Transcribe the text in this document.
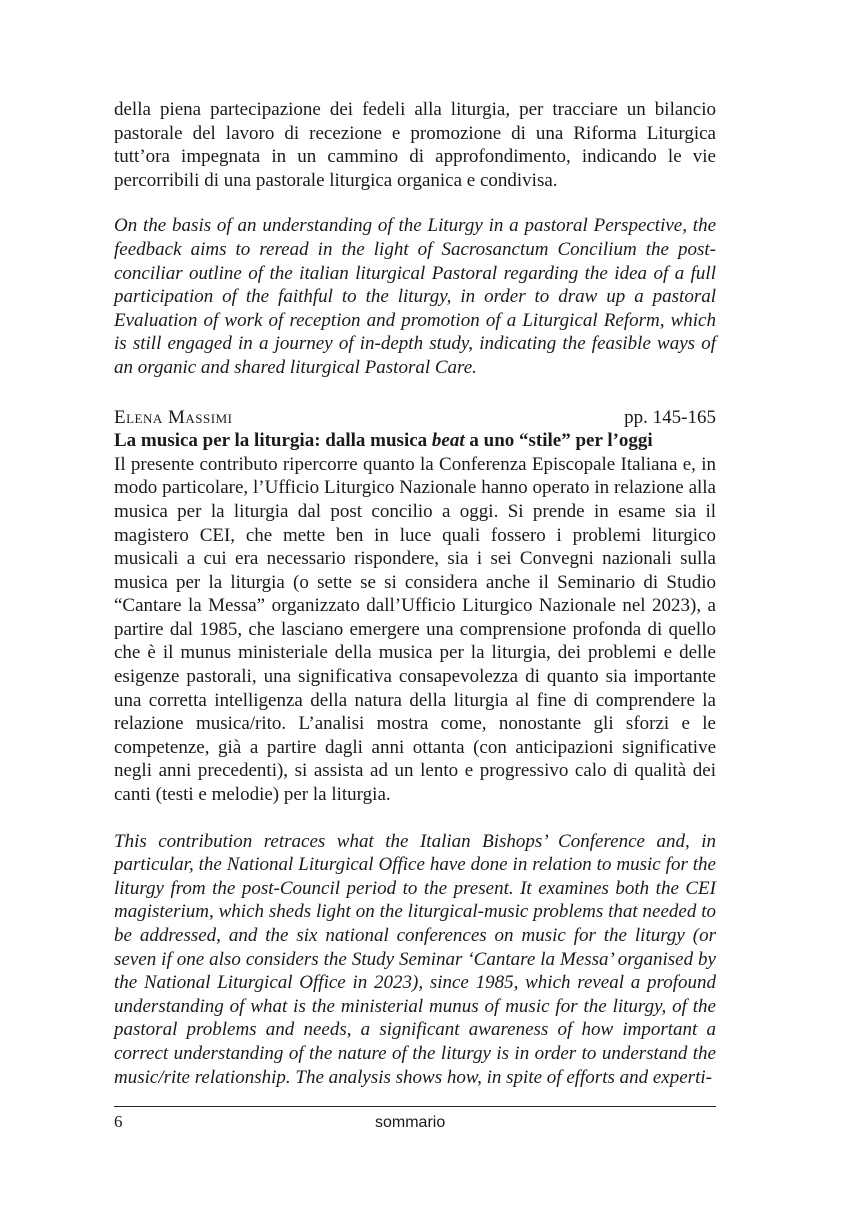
della piena partecipazione dei fedeli alla liturgia, per tracciare un bilancio pastorale del lavoro di recezione e promozione di una Riforma Liturgica tutt’ora impegnata in un cammino di approfondimento, indicando le vie percorribili di una pastorale liturgica organica e condivisa.

On the basis of an understanding of the Liturgy in a pastoral Perspective, the feedback aims to reread in the light of Sacrosanctum Concilium the post-conciliar outline of the italian liturgical Pastoral regarding the idea of a full participation of the faithful to the liturgy, in order to draw up a pastoral Evaluation of work of reception and promotion of a Liturgical Reform, which is still engaged in a journey of in-depth study, indicating the feasible ways of an organic and shared liturgical Pastoral Care.

Elena Massimi	pp. 145-165

La musica per la liturgia: dalla musica beat a uno “stile” per l’oggi

Il presente contributo ripercorre quanto la Conferenza Episcopale Italiana e, in modo particolare, l’Ufficio Liturgico Nazionale hanno operato in relazione alla musica per la liturgia dal post concilio a oggi. Si prende in esame sia il magistero CEI, che mette ben in luce quali fossero i problemi liturgico musicali a cui era necessario rispondere, sia i sei Convegni nazionali sulla musica per la liturgia (o sette se si considera anche il Seminario di Studio “Cantare la Messa” organizzato dall’Ufficio Liturgico Nazionale nel 2023), a partire dal 1985, che lasciano emergere una comprensione profonda di quello che è il munus ministeriale della musica per la liturgia, dei problemi e delle esigenze pastorali, una significativa consapevolezza di quanto sia importante una corretta intelligenza della natura della liturgia al fine di comprendere la relazione musica/rito. L’analisi mostra come, nonostante gli sforzi e le competenze, già a partire dagli anni ottanta (con anticipazioni significative negli anni precedenti), si assista ad un lento e progressivo calo di qualità dei canti (testi e melodie) per la liturgia.

This contribution retraces what the Italian Bishops’ Conference and, in particular, the National Liturgical Office have done in relation to music for the liturgy from the post-Council period to the present. It examines both the CEI magisterium, which sheds light on the liturgical-music problems that needed to be addressed, and the six national conferences on music for the liturgy (or seven if one also considers the Study Seminar ‘Cantare la Messa’ organised by the National Liturgical Office in 2023), since 1985, which reveal a profound understanding of what is the ministerial munus of music for the liturgy, of the pastoral problems and needs, a significant awareness of how important a correct understanding of the nature of the liturgy is in order to understand the music/rite relationship. The analysis shows how, in spite of efforts and experti-

6	sommario
